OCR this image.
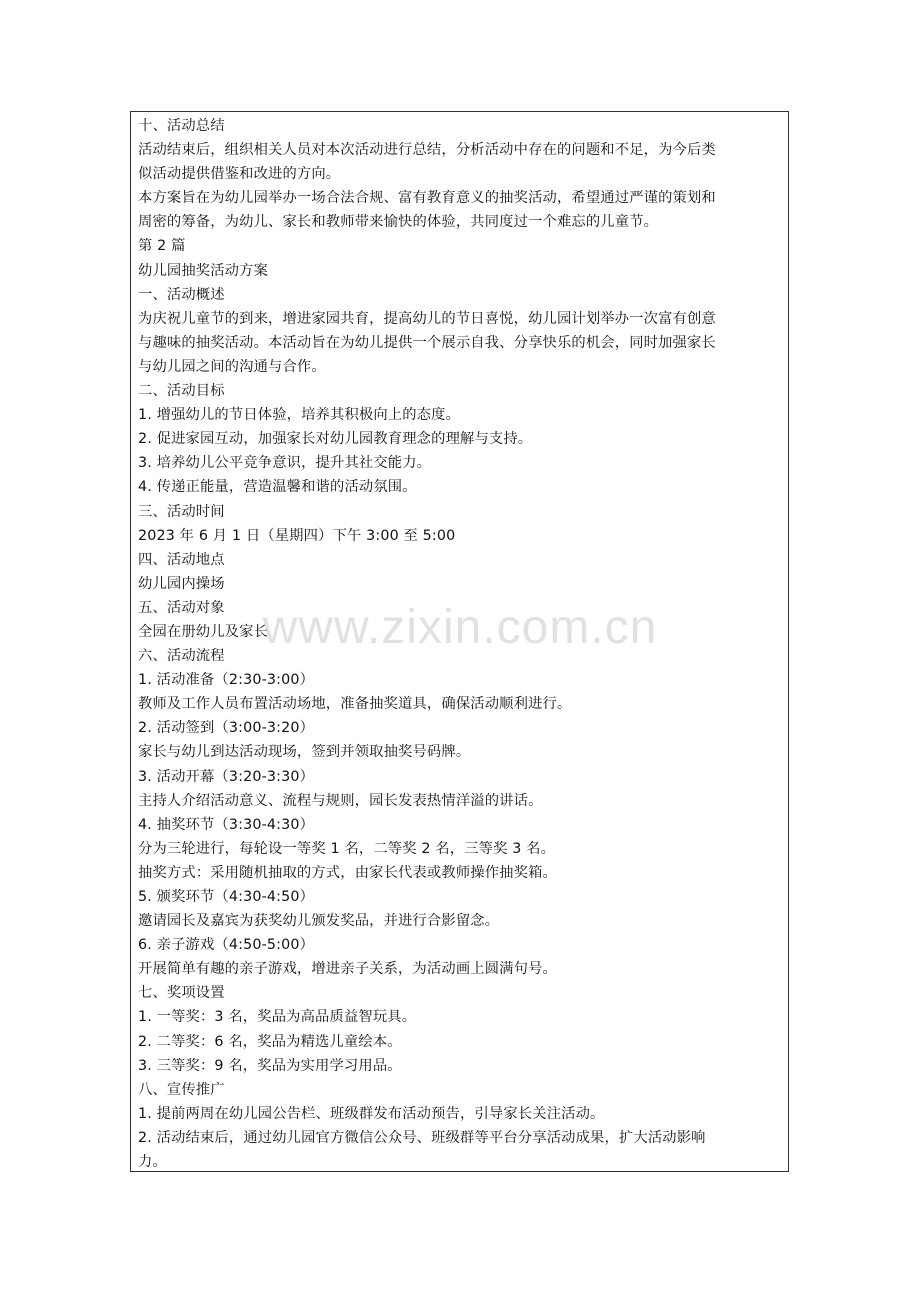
十、活动总结
活动结束后，组织相关人员对本次活动进行总结，分析活动中存在的问题和不足，为今后类
似活动提供借鉴和改进的方向。
本方案旨在为幼儿园举办一场合法合规、富有教育意义的抽奖活动，希望通过严谨的策划和
周密的筹备，为幼儿、家长和教师带来愉快的体验，共同度过一个难忘的儿童节。
第 2 篇
幼儿园抽奖活动方案
一、活动概述
为庆祝儿童节的到来，增进家园共育，提高幼儿的节日喜悦，幼儿园计划举办一次富有创意
与趣味的抽奖活动。本活动旨在为幼儿提供一个展示自我、分享快乐的机会，同时加强家长
与幼儿园之间的沟通与合作。
二、活动目标
1. 增强幼儿的节日体验，培养其积极向上的态度。
2. 促进家园互动，加强家长对幼儿园教育理念的理解与支持。
3. 培养幼儿公平竞争意识，提升其社交能力。
4. 传递正能量，营造温馨和谐的活动氛围。
三、活动时间
2023 年 6 月 1 日（星期四）下午 3:00 至 5:00
四、活动地点
幼儿园内操场
五、活动对象
全园在册幼儿及家长
六、活动流程
1. 活动准备（2:30-3:00）
教师及工作人员布置活动场地，准备抽奖道具，确保活动顺利进行。
2. 活动签到（3:00-3:20）
家长与幼儿到达活动现场，签到并领取抽奖号码牌。
3. 活动开幕（3:20-3:30）
主持人介绍活动意义、流程与规则，园长发表热情洋溢的讲话。
4. 抽奖环节（3:30-4:30）
分为三轮进行，每轮设一等奖 1 名，二等奖 2 名，三等奖 3 名。
抽奖方式：采用随机抽取的方式，由家长代表或教师操作抽奖箱。
5. 颁奖环节（4:30-4:50）
邀请园长及嘉宾为获奖幼儿颁发奖品，并进行合影留念。
6. 亲子游戏（4:50-5:00）
开展简单有趣的亲子游戏，增进亲子关系，为活动画上圆满句号。
七、奖项设置
1. 一等奖：3 名，奖品为高品质益智玩具。
2. 二等奖：6 名，奖品为精选儿童绘本。
3. 三等奖：9 名，奖品为实用学习用品。
八、宣传推广
1. 提前两周在幼儿园公告栏、班级群发布活动预告，引导家长关注活动。
2. 活动结束后，通过幼儿园官方微信公众号、班级群等平台分享活动成果，扩大活动影响
力。
www.zixin.com.cn
